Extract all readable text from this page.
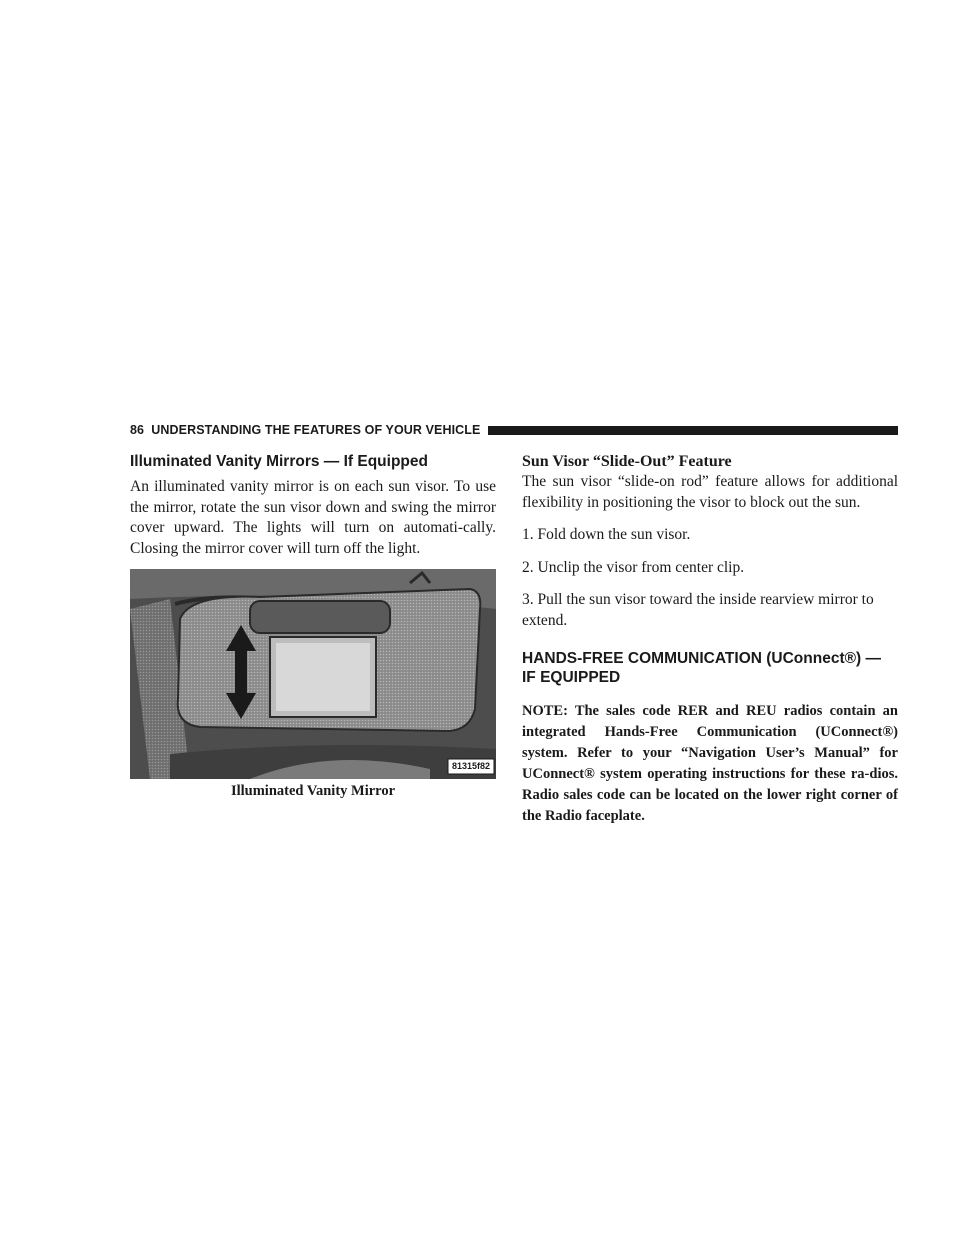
86 UNDERSTANDING THE FEATURES OF YOUR VEHICLE
Illuminated Vanity Mirrors — If Equipped

An illuminated vanity mirror is on each sun visor. To use the mirror, rotate the sun visor down and swing the mirror cover upward. The lights will turn on automati-cally. Closing the mirror cover will turn off the light.

81315f82
Illuminated Vanity Mirror
Sun Visor “Slide-Out” Feature

The sun visor “slide-on rod” feature allows for additional flexibility in positioning the visor to block out the sun.

1. Fold down the sun visor.

2. Unclip the visor from center clip.

3. Pull the sun visor toward the inside rearview mirror to extend.

HANDS-FREE COMMUNICATION (UConnect®) —
IF EQUIPPED

NOTE: The sales code RER and REU radios contain an integrated Hands-Free Communication (UConnect®) system. Refer to your “Navigation User’s Manual” for UConnect® system operating instructions for these ra-dios. Radio sales code can be located on the lower right corner of the Radio faceplate.
